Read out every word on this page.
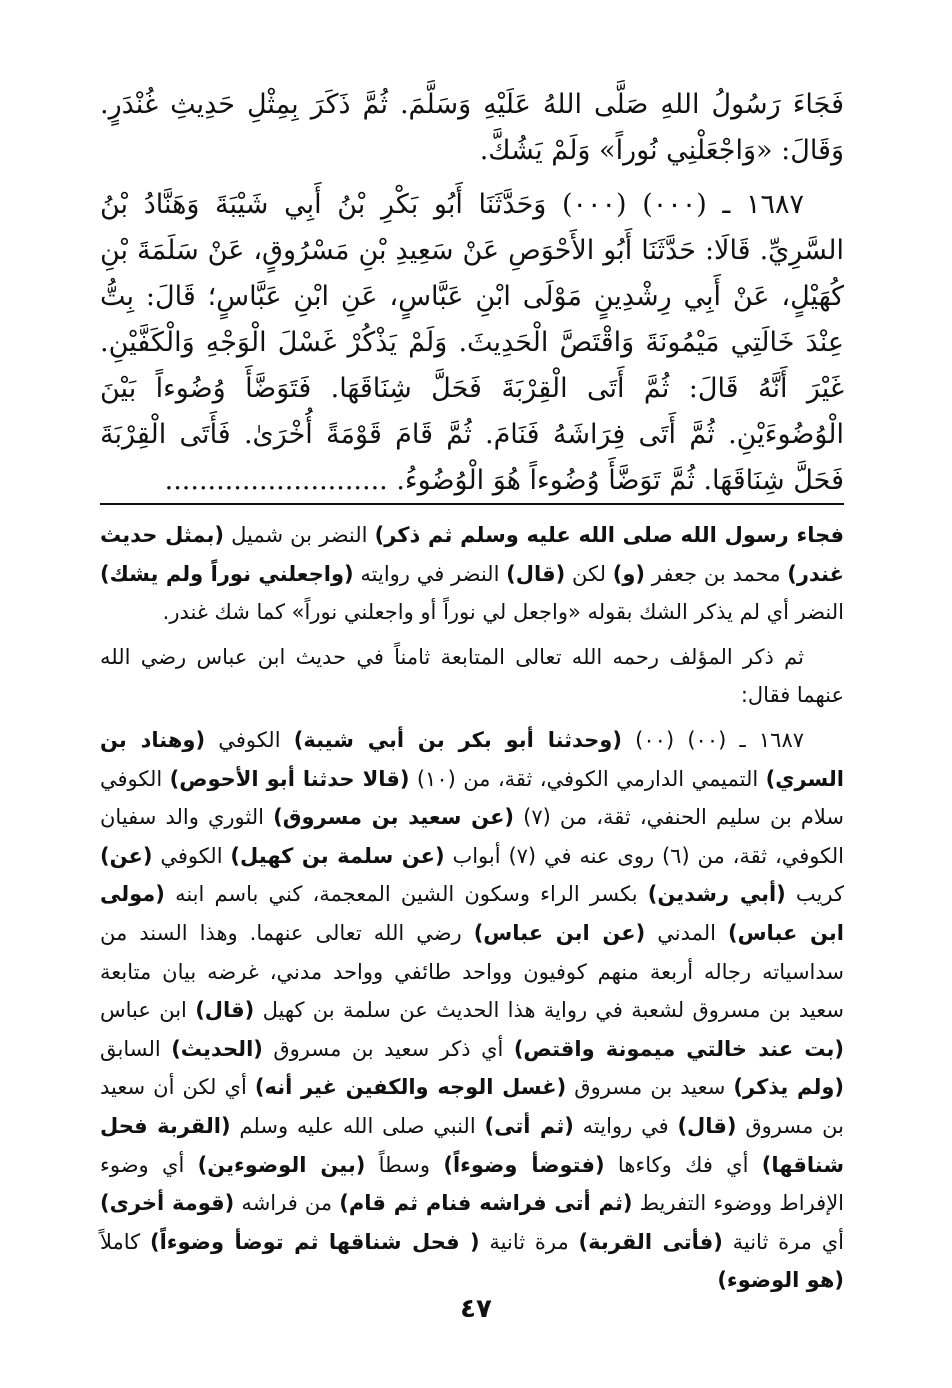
فَجَاءَ رَسُولُ اللهِ صَلَّى اللهُ عَلَيْهِ وَسَلَّمَ. ثُمَّ ذَكَرَ بِمِثْلِ حَدِيثِ غُنْدَرٍ. وَقَالَ: «وَاجْعَلْنِي نُوراً» وَلَمْ يَشُكَّ.

١٦٨٧ ـ (٠٠٠) (٠٠٠) وَحَدَّثَنَا أَبُو بَكْرِ بْنُ أَبِي شَيْبَةَ وَهَنَّادُ بْنُ السَّرِيِّ. قَالَا: حَدَّثَنَا أَبُو الأَحْوَصِ عَنْ سَعِيدِ بْنِ مَسْرُوقٍ، عَنْ سَلَمَةَ بْنِ كُهَيْلٍ، عَنْ أَبِي رِشْدِينٍ مَوْلَى ابْنِ عَبَّاسٍ، عَنِ ابْنِ عَبَّاسٍ؛ قَالَ: بِتُّ عِنْدَ خَالَتِي مَيْمُونَةَ وَاقْتَصَّ الْحَدِيثَ. وَلَمْ يَذْكُرْ غَسْلَ الْوَجْهِ وَالْكَفَّيْنِ. غَيْرَ أَنَّهُ قَالَ: ثُمَّ أَتَى الْقِرْبَةَ فَحَلَّ شِنَاقَهَا. فَتَوَضَّأَ وُضُوءاً بَيْنَ الْوُضُوءَيْنِ. ثُمَّ أَتَى فِرَاشَهُ فَنَامَ. ثُمَّ قَامَ قَوْمَةً أُخْرَىٰ. فَأَتَى الْقِرْبَةَ فَحَلَّ شِنَاقَهَا. ثُمَّ تَوَضَّأَ وُضُوءاً هُوَ الْوُضُوءُ. ..........................

فجاء رسول الله صلى الله عليه وسلم ثم ذكر) النضر بن شميل (بمثل حديث غندر) محمد بن جعفر (و) لكن (قال) النضر في روايته (واجعلني نوراً ولم يشك) النضر أي لم يذكر الشك بقوله «واجعل لي نوراً أو واجعلني نوراً» كما شك غندر.

ثم ذكر المؤلف رحمه الله تعالى المتابعة ثامناً في حديث ابن عباس رضي الله عنهما فقال:

١٦٨٧ ـ (٠٠) (٠٠) (وحدثنا أبو بكر بن أبي شيبة) الكوفي (وهناد بن السري) التميمي الدارمي الكوفي، ثقة، من (١٠) (قالا حدثنا أبو الأحوص) الكوفي سلام بن سليم الحنفي، ثقة، من (٧) (عن سعيد بن مسروق) الثوري والد سفيان الكوفي، ثقة، من (٦) روى عنه في (٧) أبواب (عن سلمة بن كهيل) الكوفي (عن) كريب (أبي رشدين) بكسر الراء وسكون الشين المعجمة، كني باسم ابنه (مولى ابن عباس) المدني (عن ابن عباس) رضي الله تعالى عنهما. وهذا السند من سداسياته رجاله أربعة منهم كوفيون وواحد طائفي وواحد مدني، غرضه بيان متابعة سعيد بن مسروق لشعبة في رواية هذا الحديث عن سلمة بن كهيل (قال) ابن عباس (بت عند خالتي ميمونة واقتص) أي ذكر سعيد بن مسروق (الحديث) السابق (ولم يذكر) سعيد بن مسروق (غسل الوجه والكفين غير أنه) أي لكن أن سعيد بن مسروق (قال) في روايته (ثم أتى) النبي صلى الله عليه وسلم (القربة فحل شناقها) أي فك وكاءها (فتوضأ وضوءاً) وسطاً (بين الوضوءين) أي وضوء الإفراط ووضوء التفريط (ثم أتى فراشه فنام ثم قام) من فراشه (قومة أخرى) أي مرة ثانية (فأتى القربة) مرة ثانية ( فحل شناقها ثم توضأ وضوءاً) كاملاً (هو الوضوء)

٤٧
